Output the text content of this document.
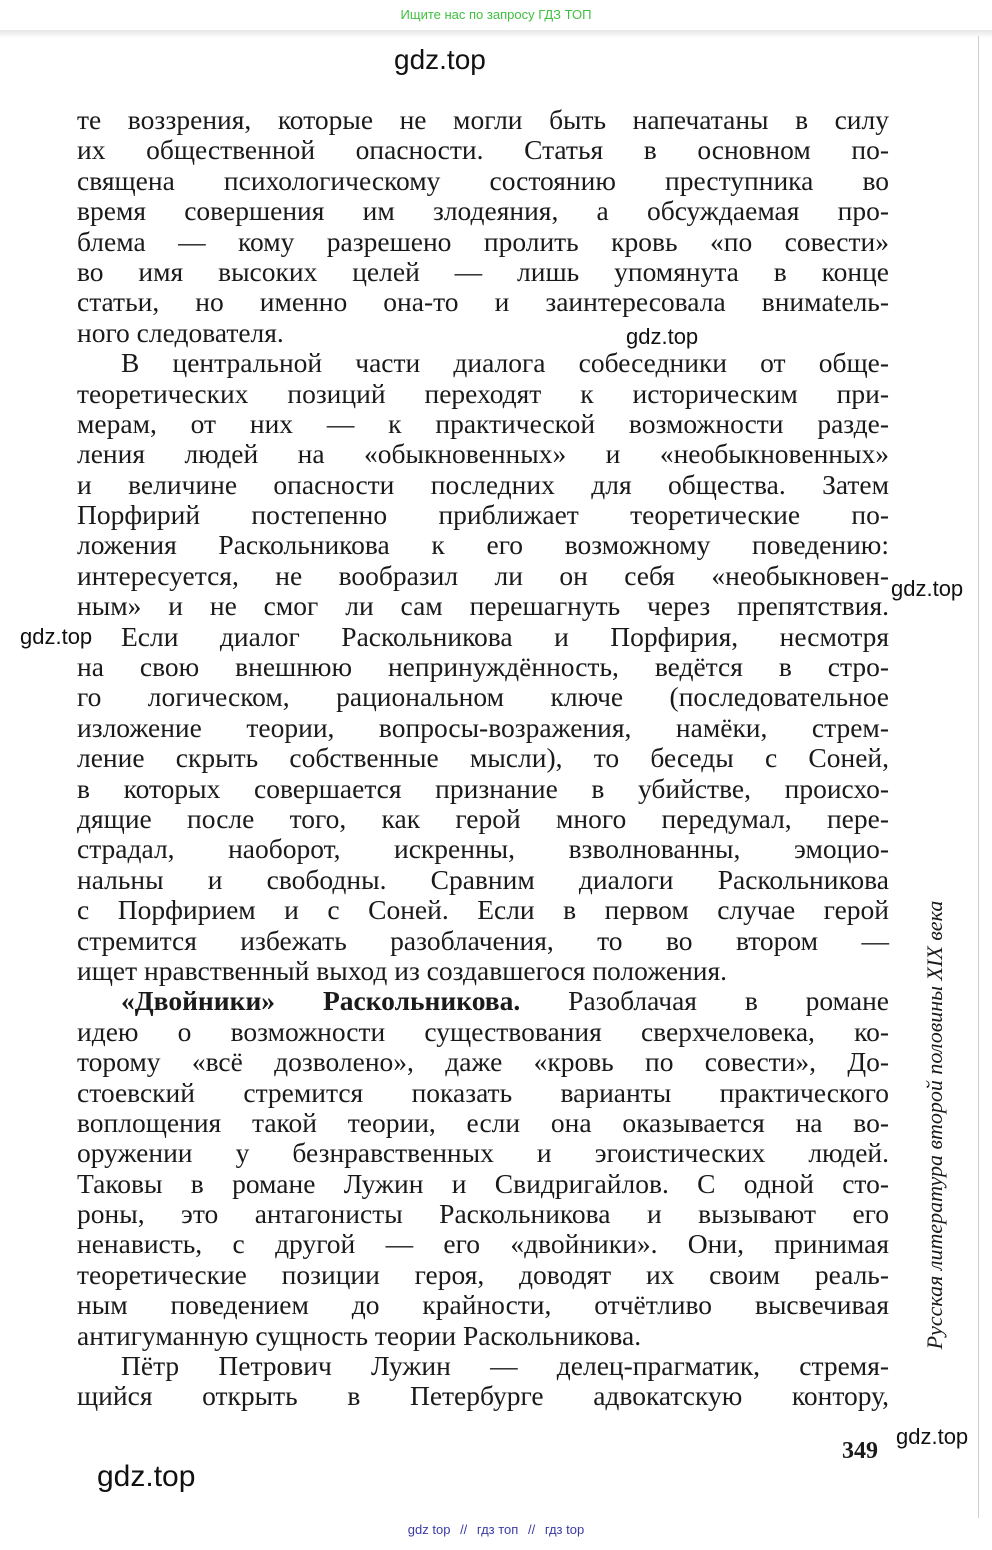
Ищите нас по запросу ГДЗ ТОП
gdz.top
те воззрения, которые не могли быть напечатаны в силу
их общественной опасности. Статья в основном по-
священа психологическому состоянию преступника во
время совершения им злодеяния, а обсуждаемая про-
блема — кому разрешено пролить кровь «по совести»
во имя высоких целей — лишь упомянута в конце
статьи, но именно она-то и заинтересовала внимatель-
ного следователя.
В центральной части диалога собеседники от обще-
теоретических позиций переходят к историческим при-
мерам, от них — к практической возможности разде-
ления людей на «обыкновенных» и «необыкновенных»
и величине опасности последних для общества. Затем
Порфирий постепенно приближает теоретические по-
ложения Раскольникова к его возможному поведению:
интересуется, не вообразил ли он себя «необыкновен-
ным» и не смог ли сам перешагнуть через препятствия.
Если диалог Раскольникова и Порфирия, несмотря
на свою внешнюю непринуждённость, ведётся в стро-
го логическом, рациональном ключе (последовательное
изложение теории, вопросы-возражения, намёки, стрем-
ление скрыть собственные мысли), то беседы с Соней,
в которых совершается признание в убийстве, происхо-
дящие после того, как герой много передумал, пере-
страдал, наоборот, искренны, взволнованны, эмоцио-
нальны и свободны. Сравним диалоги Раскольникова
с Порфирием и с Соней. Если в первом случае герой
стремится избежать разоблачения, то во втором —
ищет нравственный выход из создавшегося положения.
«Двойники» Раскольникова. Разоблачая в романе
идею о возможности существования сверхчеловека, ко-
торому «всё дозволено», даже «кровь по совести», До-
стоевский стремится показать варианты практического
воплощения такой теории, если она оказывается на во-
оружении у безнравственных и эгоистических людей.
Таковы в романе Лужин и Свидригайлов. С одной сто-
роны, это антагонисты Раскольникова и вызывают его
ненависть, с другой — его «двойники». Они, принимая
теоретические позиции героя, доводят их своим реаль-
ным поведением до крайности, отчётливо высвечивая
антигуманную сущность теории Раскольникова.
Пётр Петрович Лужин — делец-прагматик, стремя-
щийся открыть в Петербурге адвокатскую контору,
gdz.top
gdz.top
gdz.top
gdz.top
gdz.top
Русская литература второй половины XIX века
349
gdz top // гдз топ // гдз top
